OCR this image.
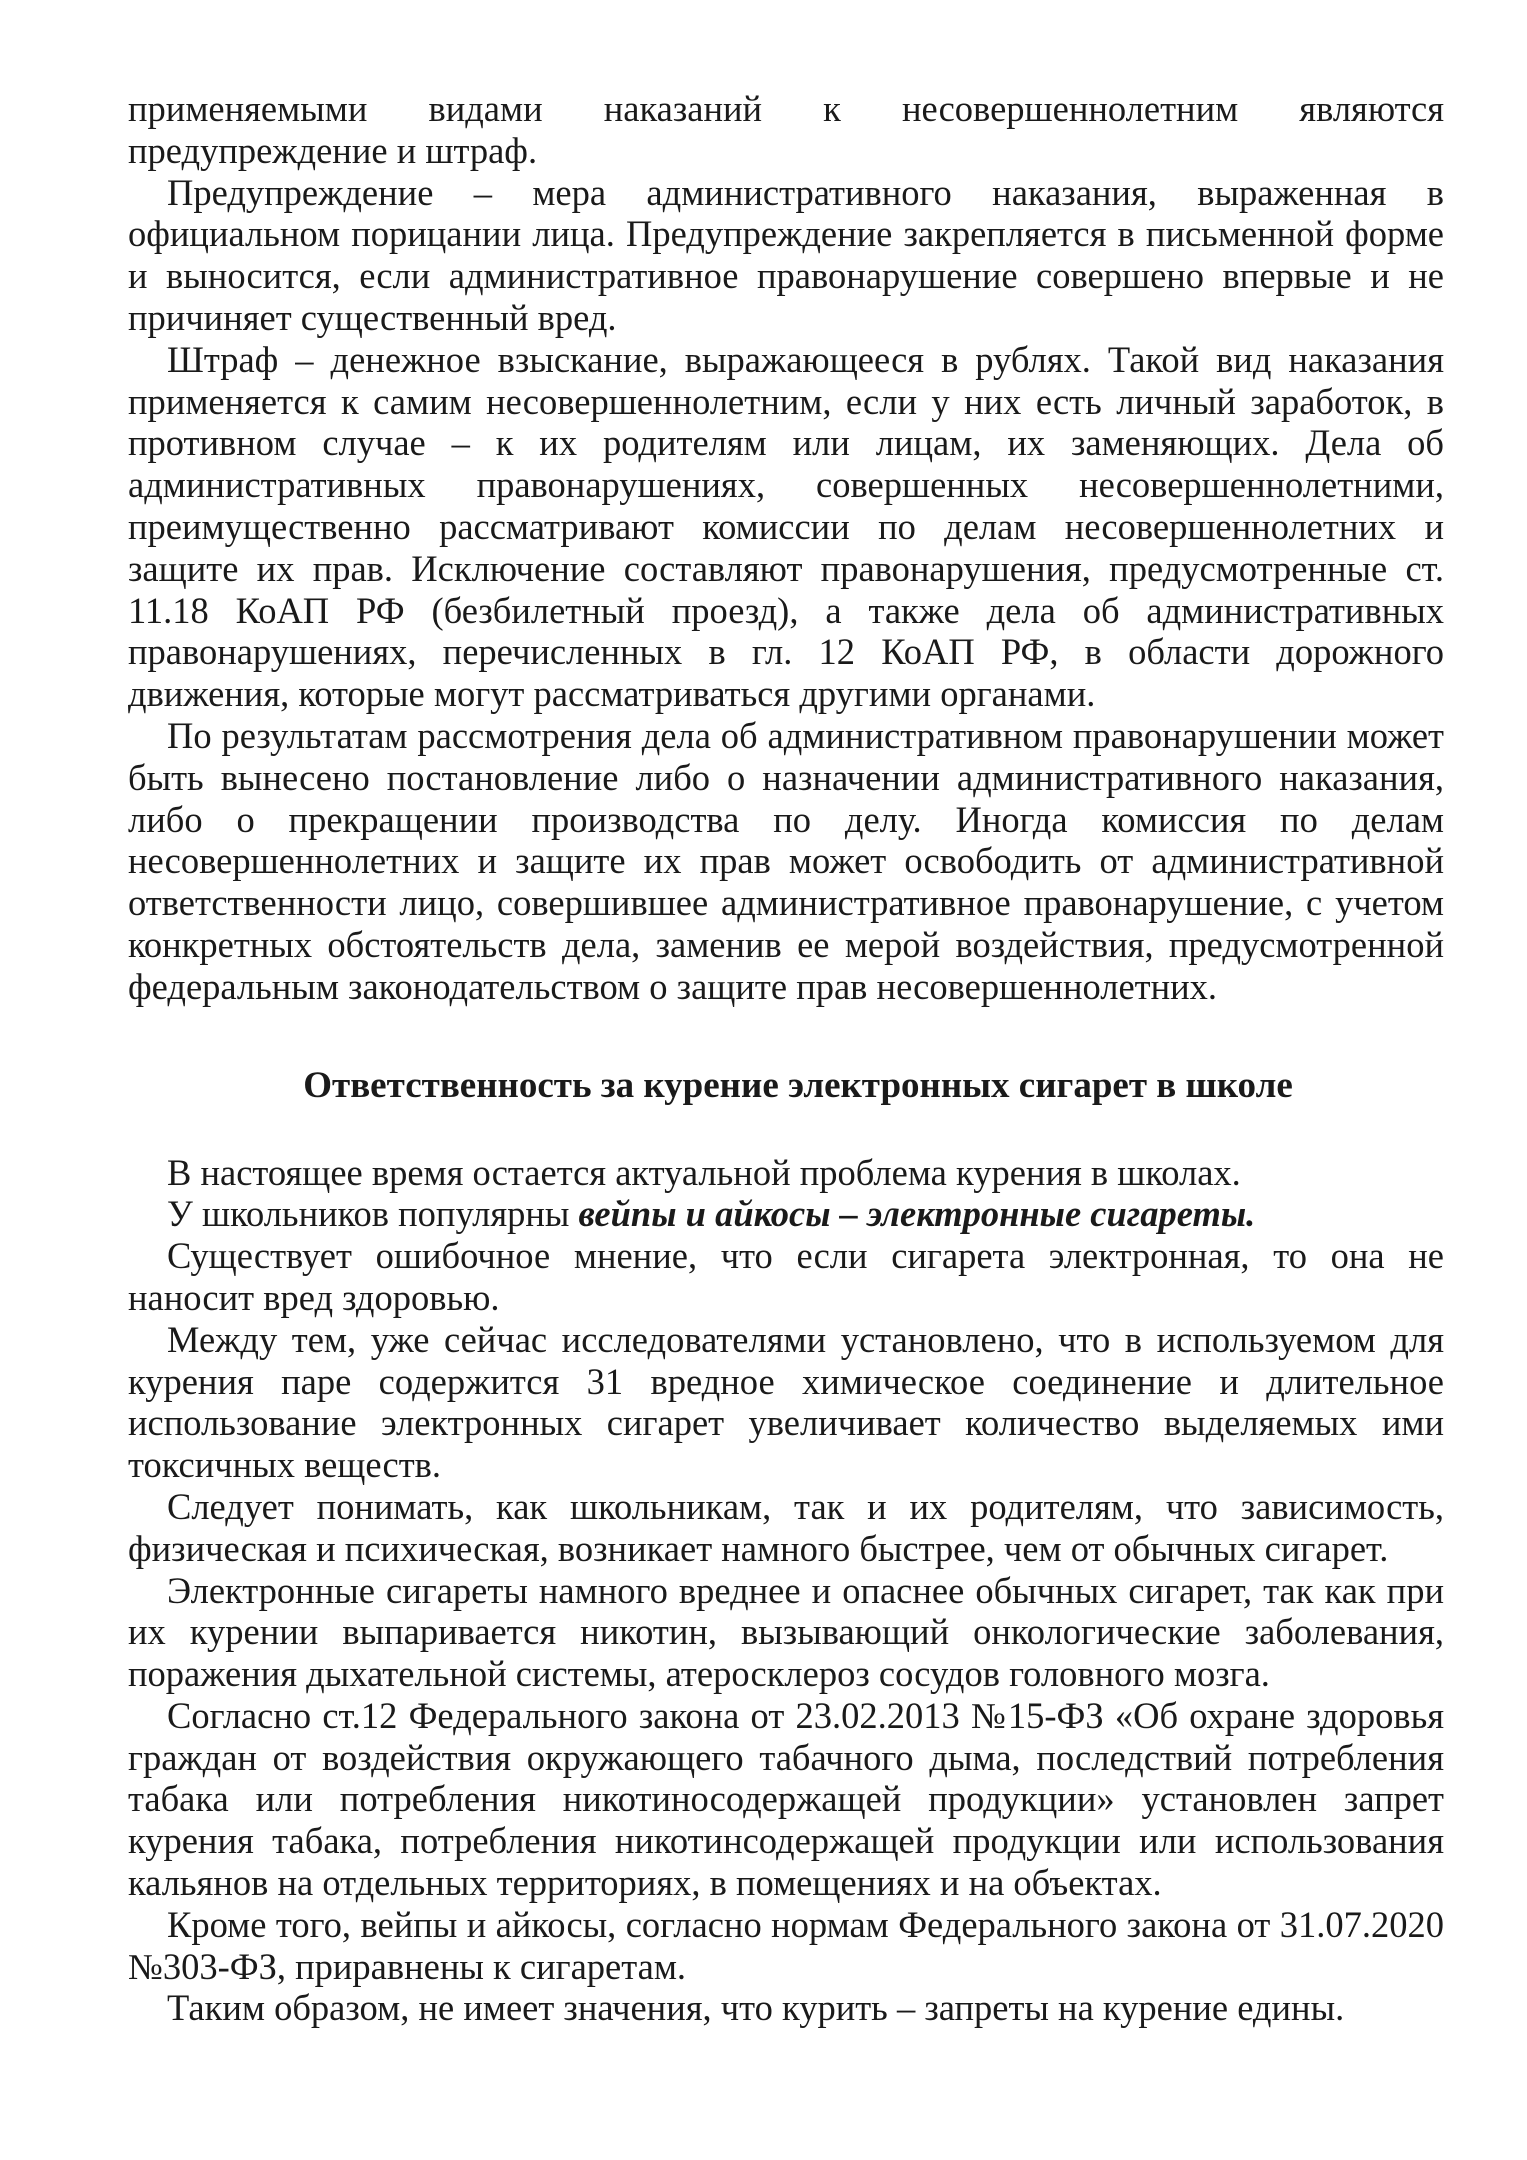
применяемыми видами наказаний к несовершеннолетним являются предупреждение и штраф.

Предупреждение – мера административного наказания, выраженная в официальном порицании лица. Предупреждение закрепляется в письменной форме и выносится, если административное правонарушение совершено впервые и не причиняет существенный вред.

Штраф – денежное взыскание, выражающееся в рублях. Такой вид наказания применяется к самим несовершеннолетним, если у них есть личный заработок, в противном случае – к их родителям или лицам, их заменяющих. Дела об административных правонарушениях, совершенных несовершеннолетними, преимущественно рассматривают комиссии по делам несовершеннолетних и защите их прав. Исключение составляют правонарушения, предусмотренные ст. 11.18 КоАП РФ (безбилетный проезд), а также дела об административных правонарушениях, перечисленных в гл. 12 КоАП РФ, в области дорожного движения, которые могут рассматриваться другими органами.

По результатам рассмотрения дела об административном правонарушении может быть вынесено постановление либо о назначении административного наказания, либо о прекращении производства по делу. Иногда комиссия по делам несовершеннолетних и защите их прав может освободить от административной ответственности лицо, совершившее административное правонарушение, с учетом конкретных обстоятельств дела, заменив ее мерой воздействия, предусмотренной федеральным законодательством о защите прав несовершеннолетних.

Ответственность за курение электронных сигарет в школе

В настоящее время остается актуальной проблема курения в школах.

У школьников популярны вейпы и айкосы – электронные сигареты.

Существует ошибочное мнение, что если сигарета электронная, то она не наносит вред здоровью.

Между тем, уже сейчас исследователями установлено, что в используемом для курения паре содержится 31 вредное химическое соединение и длительное использование электронных сигарет увеличивает количество выделяемых ими токсичных веществ.

Следует понимать, как школьникам, так и их родителям, что зависимость, физическая и психическая, возникает намного быстрее, чем от обычных сигарет.

Электронные сигареты намного вреднее и опаснее обычных сигарет, так как при их курении выпаривается никотин, вызывающий онкологические заболевания, поражения дыхательной системы, атеросклероз сосудов головного мозга.

Согласно ст.12 Федерального закона от 23.02.2013 №15-ФЗ «Об охране здоровья граждан от воздействия окружающего табачного дыма, последствий потребления табака или потребления никотиносодержащей продукции» установлен запрет курения табака, потребления никотинсодержащей продукции или использования кальянов на отдельных территориях, в помещениях и на объектах.

Кроме того, вейпы и айкосы, согласно нормам Федерального закона от 31.07.2020 №303-ФЗ, приравнены к сигаретам.

Таким образом, не имеет значения, что курить – запреты на курение едины.
